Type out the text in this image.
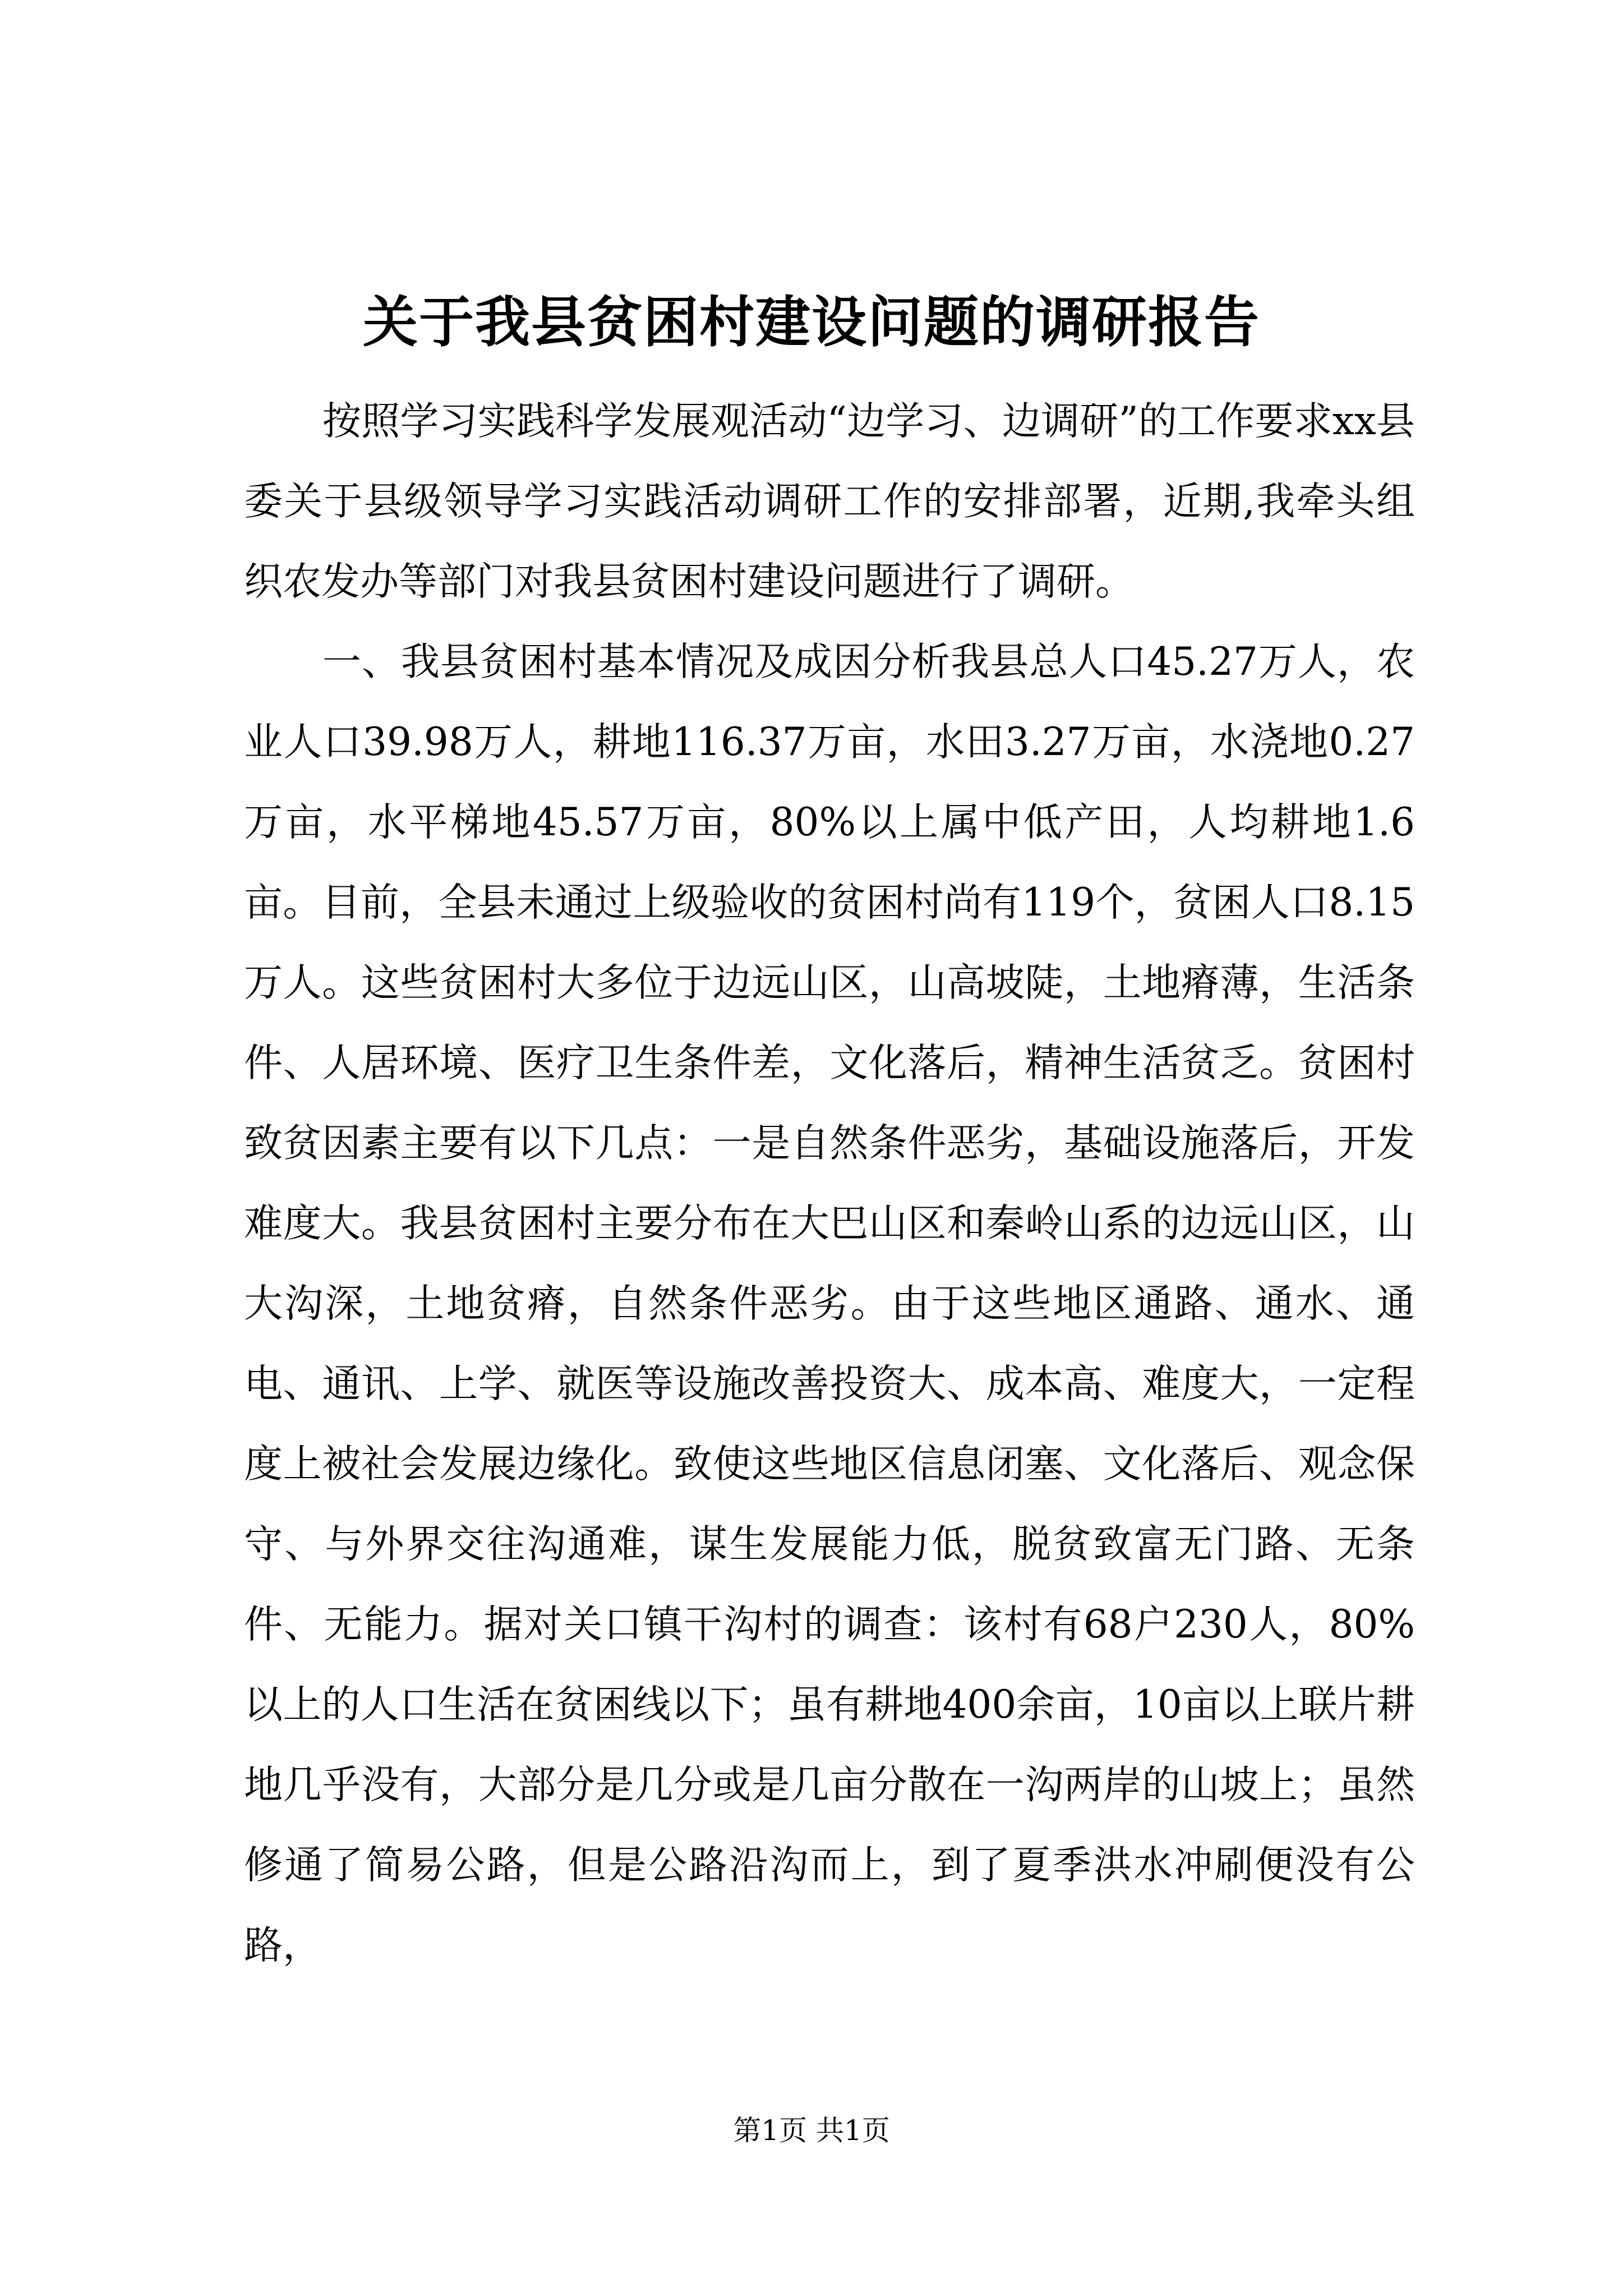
关于我县贫困村建设问题的调研报告

按照学习实践科学发展观活动“边学习、边调研”的工作要求xx县委关于县级领导学习实践活动调研工作的安排部署，近期,我牵头组织农发办等部门对我县贫困村建设问题进行了调研。

一、我县贫困村基本情况及成因分析我县总人口45.27万人，农业人口39.98万人，耕地116.37万亩，水田3.27万亩，水浇地0.27万亩，水平梯地45.57万亩，80%以上属中低产田，人均耕地1.6亩。目前，全县未通过上级验收的贫困村尚有119个，贫困人口8.15万人。这些贫困村大多位于边远山区，山高坡陡，土地瘠薄，生活条件、人居环境、医疗卫生条件差，文化落后，精神生活贫乏。贫困村致贫因素主要有以下几点：一是自然条件恶劣，基础设施落后，开发难度大。我县贫困村主要分布在大巴山区和秦岭山系的边远山区，山大沟深，土地贫瘠，自然条件恶劣。由于这些地区通路、通水、通电、通讯、上学、就医等设施改善投资大、成本高、难度大，一定程度上被社会发展边缘化。致使这些地区信息闭塞、文化落后、观念保守、与外界交往沟通难，谋生发展能力低，脱贫致富无门路、无条件、无能力。据对关口镇干沟村的调查：该村有68户230人，80%以上的人口生活在贫困线以下；虽有耕地400余亩，10亩以上联片耕地几乎没有，大部分是几分或是几亩分散在一沟两岸的山坡上；虽然修通了简易公路，但是公路沿沟而上，到了夏季洪水冲刷便没有公路，

第1页 共1页
